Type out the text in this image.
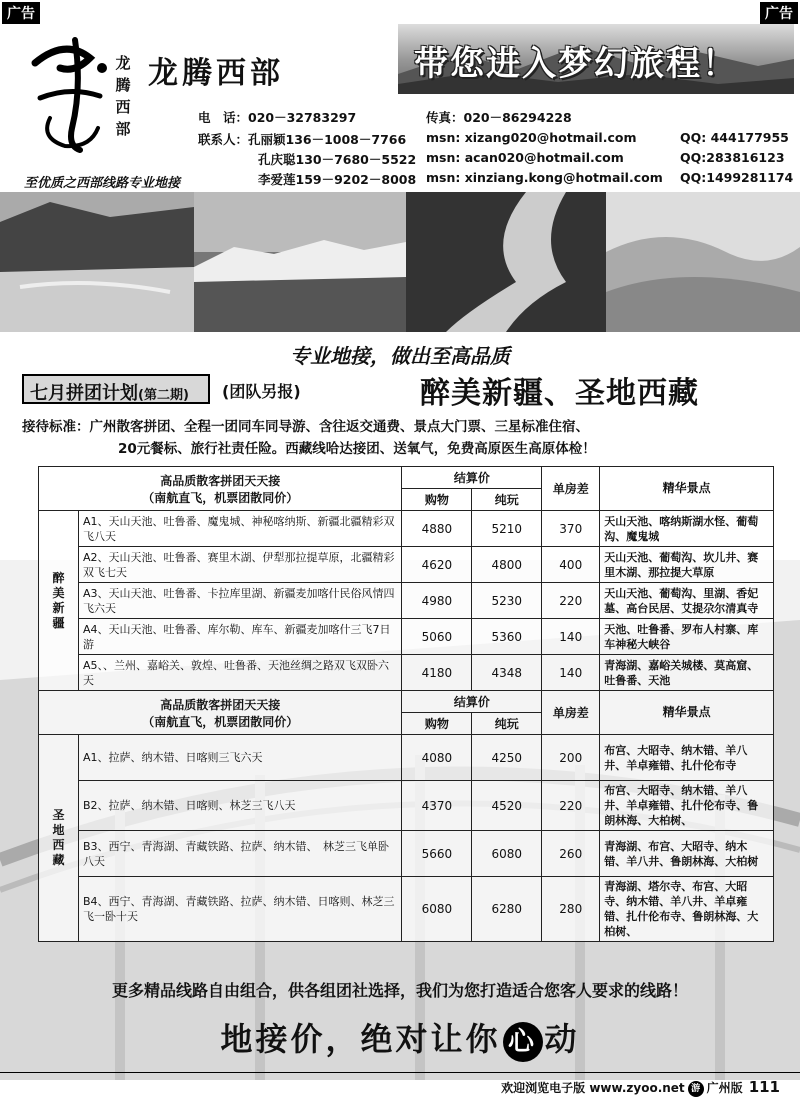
广告	广告
龙腾西部
龙腾西部	带您进入梦幻旅程！
电　话：020－32783297	传真：020－86294228
联系人：孔丽颖136－1008－7766 msn: xizang020@hotmail.com	QQ: 444177955
孔庆聪130－7680－5522 msn: acan020@hotmail.com	QQ:283816123
李爱莲159－9202－8008 msn: xinziang.kong@hotmail.com QQ:1499281174
至优质之西部线路专业地接
专业地接，做出至高品质
七月拼团计划(第二期)	(团队另报)	醉美新疆、圣地西藏
接待标准：广州散客拼团、全程一团同车同导游、含往返交通费、景点大门票、三星标准住宿、
20元餐标、旅行社责任险。西藏线哈达接团、送氧气，免费高原医生高原体检！
高品质散客拼团天天接
（南航直飞，机票团散同价）		结算价		单房差	精华景点
		购物	纯玩		
醉美新疆	A1、天山天池、吐鲁番、魔鬼城、神秘喀纳斯、新疆北疆精彩双飞八天	4880	5210	370	天山天池、喀纳斯湖水怪、葡萄沟、魔鬼城
	A2、天山天池、吐鲁番、赛里木湖、伊犁那拉提草原，北疆精彩双飞七天	4620	4800	400	天山天池、葡萄沟、坎儿井、赛里木湖、那拉提大草原
	A3、天山天池、吐鲁番、卡拉库里湖、新疆麦加喀什民俗风情四飞六天	4980	5230	220	天山天池、葡萄沟、里湖、香妃墓、高台民居、艾提尕尔清真寺
	A4、天山天池、吐鲁番、库尔勒、库车、新疆麦加喀什三飞7日游	5060	5360	140	天池、吐鲁番、罗布人村寨、库车神秘大峡谷
	A5、、兰州、嘉峪关、敦煌、吐鲁番、天池丝绸之路双飞双卧六天	4180	4348	140	青海湖、嘉峪关城楼、莫高窟、吐鲁番、天池

高品质散客拼团天天接
（南航直飞，机票团散同价）		结算价		单房差	精华景点
		购物	纯玩		
圣地西藏	A1、拉萨、纳木错、日喀则三飞六天	4080	4250	200	布宫、大昭寺、纳木错、羊八井、羊卓雍错、扎什伦布寺
	B2、拉萨、纳木错、日喀则、林芝三飞八天	4370	4520	220	布宫、大昭寺、纳木错、羊八井、羊卓雍错、扎什伦布寺、鲁朗林海、大柏树、
	B3、西宁、青海湖、青藏铁路、拉萨、纳木错、　林芝三飞单卧八天	5660	6080	260	青海湖、布宫、大昭寺、纳木错、羊八井、鲁朗林海、大柏树
	B4、西宁、青海湖、青藏铁路、拉萨、纳木错、日喀则、林芝三飞一卧十天	6080	6280	280	青海湖、塔尔寺、布宫、大昭寺、纳木错、羊八井、羊卓雍错、扎什伦布寺、鲁朗林海、大柏树、
更多精品线路自由组合，供各组团社选择，我们为您打造适合您客人要求的线路！
地接价，绝对让你 心 动
欢迎浏览电子版 www.zyoo.net 游 广州版 111
